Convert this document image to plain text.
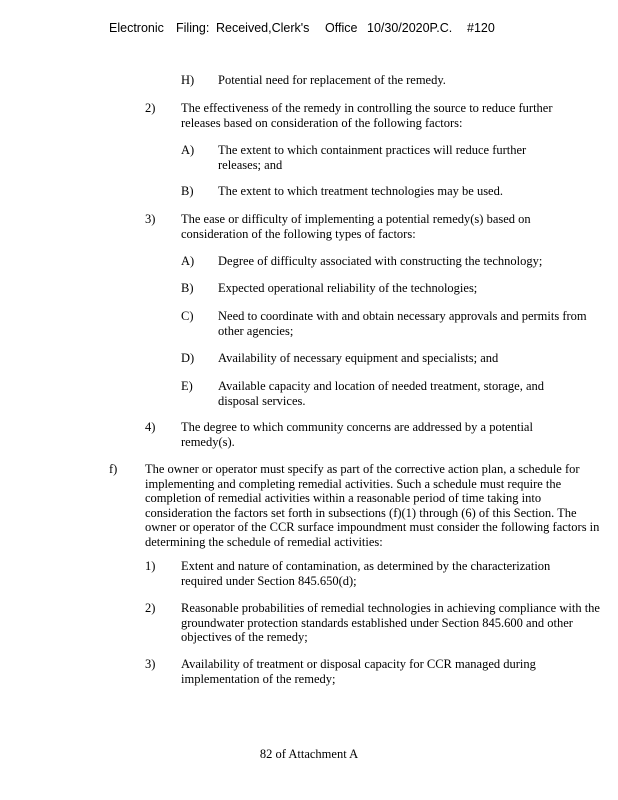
Electronic Filing: Received,Clerk's Office 10/30/2020P.C. #120
H) Potential need for replacement of the remedy.
2) The effectiveness of the remedy in controlling the source to reduce further releases based on consideration of the following factors:
A) The extent to which containment practices will reduce further releases; and
B) The extent to which treatment technologies may be used.
3) The ease or difficulty of implementing a potential remedy(s) based on consideration of the following types of factors:
A) Degree of difficulty associated with constructing the technology;
B) Expected operational reliability of the technologies;
C) Need to coordinate with and obtain necessary approvals and permits from other agencies;
D) Availability of necessary equipment and specialists; and
E) Available capacity and location of needed treatment, storage, and disposal services.
4) The degree to which community concerns are addressed by a potential remedy(s).
f) The owner or operator must specify as part of the corrective action plan, a schedule for implementing and completing remedial activities. Such a schedule must require the completion of remedial activities within a reasonable period of time taking into consideration the factors set forth in subsections (f)(1) through (6) of this Section. The owner or operator of the CCR surface impoundment must consider the following factors in determining the schedule of remedial activities:
1) Extent and nature of contamination, as determined by the characterization required under Section 845.650(d);
2) Reasonable probabilities of remedial technologies in achieving compliance with the groundwater protection standards established under Section 845.600 and other objectives of the remedy;
3) Availability of treatment or disposal capacity for CCR managed during implementation of the remedy;
82 of Attachment A
